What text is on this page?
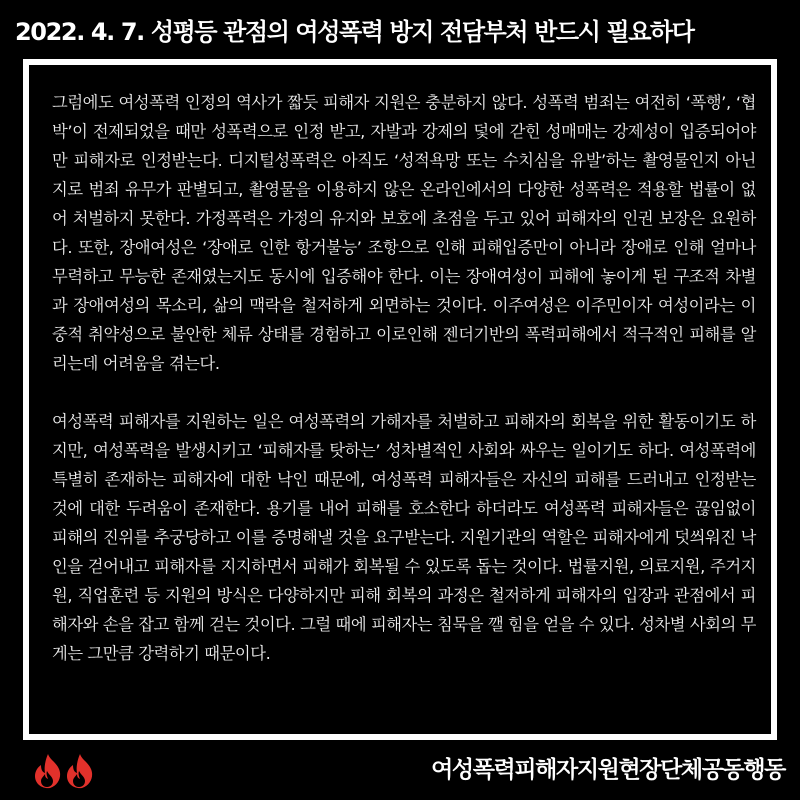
2022. 4. 7. 성평등 관점의 여성폭력 방지 전담부처 반드시 필요하다

그럼에도 여성폭력 인정의 역사가 짧듯 피해자 지원은 충분하지 않다. 성폭력 범죄는 여전히 ‘폭행’, ‘협박’이 전제되었을 때만 성폭력으로 인정 받고, 자발과 강제의 덫에 갇힌 성매매는 강제성이 입증되어야만 피해자로 인정받는다. 디지털성폭력은 아직도 ‘성적욕망 또는 수치심을 유발’하는 촬영물인지 아닌지로 범죄 유무가 판별되고, 촬영물을 이용하지 않은 온라인에서의 다양한 성폭력은 적용할 법률이 없어 처벌하지 못한다. 가정폭력은 가정의 유지와 보호에 초점을 두고 있어 피해자의 인권 보장은 요원하다. 또한, 장애여성은 ‘장애로 인한 항거불능’ 조항으로 인해 피해입증만이 아니라 장애로 인해 얼마나 무력하고 무능한 존재였는지도 동시에 입증해야 한다. 이는 장애여성이 피해에 놓이게 된 구조적 차별과 장애여성의 목소리, 삶의 맥락을 철저하게 외면하는 것이다. 이주여성은 이주민이자 여성이라는 이중적 취약성으로 불안한 체류 상태를 경험하고 이로인해 젠더기반의 폭력피해에서 적극적인 피해를 알리는데 어려움을 겪는다.

여성폭력 피해자를 지원하는 일은 여성폭력의 가해자를 처벌하고 피해자의 회복을 위한 활동이기도 하지만, 여성폭력을 발생시키고 ‘피해자를 탓하는’ 성차별적인 사회와 싸우는 일이기도 하다. 여성폭력에 특별히 존재하는 피해자에 대한 낙인 때문에, 여성폭력 피해자들은 자신의 피해를 드러내고 인정받는 것에 대한 두려움이 존재한다. 용기를 내어 피해를 호소한다 하더라도 여성폭력 피해자들은 끊임없이 피해의 진위를 추궁당하고 이를 증명해낼 것을 요구받는다. 지원기관의 역할은 피해자에게 덧씌워진 낙인을 걷어내고 피해자를 지지하면서 피해가 회복될 수 있도록 돕는 것이다. 법률지원, 의료지원, 주거지원, 직업훈련 등 지원의 방식은 다양하지만 피해 회복의 과정은 철저하게 피해자의 입장과 관점에서 피해자와 손을 잡고 함께 걷는 것이다. 그럴 때에 피해자는 침묵을 깰 힘을 얻을 수 있다. 성차별 사회의 무게는 그만큼 강력하기 때문이다.

여성폭력피해자지원현장단체공동행동
